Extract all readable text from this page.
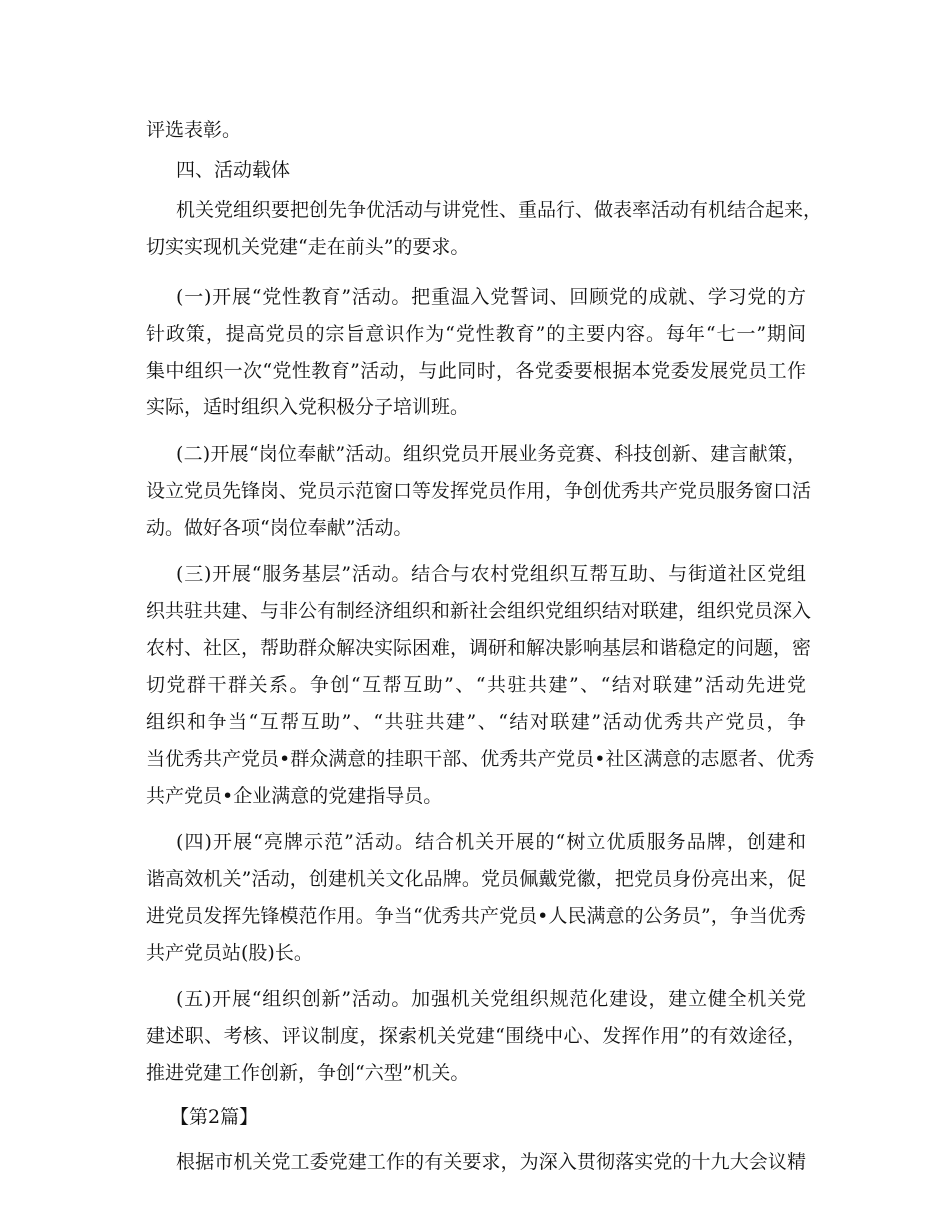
评选表彰。
四、活动载体
机关党组织要把创先争优活动与讲党性、重品行、做表率活动有机结合起来，
切实实现机关党建“走在前头”的要求。
(一)开展“党性教育”活动。把重温入党誓词、回顾党的成就、学习党的方
针政策，提高党员的宗旨意识作为“党性教育”的主要内容。每年“七一”期间
集中组织一次“党性教育”活动，与此同时，各党委要根据本党委发展党员工作
实际，适时组织入党积极分子培训班。
(二)开展“岗位奉献”活动。组织党员开展业务竞赛、科技创新、建言献策，
设立党员先锋岗、党员示范窗口等发挥党员作用，争创优秀共产党员服务窗口活
动。做好各项“岗位奉献”活动。
(三)开展“服务基层”活动。结合与农村党组织互帮互助、与街道社区党组
织共驻共建、与非公有制经济组织和新社会组织党组织结对联建，组织党员深入
农村、社区，帮助群众解决实际困难，调研和解决影响基层和谐稳定的问题，密
切党群干群关系。争创“互帮互助”、“共驻共建”、“结对联建”活动先进党
组织和争当“互帮互助”、“共驻共建”、“结对联建”活动优秀共产党员，争
当优秀共产党员•群众满意的挂职干部、优秀共产党员•社区满意的志愿者、优秀
共产党员•企业满意的党建指导员。
(四)开展“亮牌示范”活动。结合机关开展的“树立优质服务品牌，创建和
谐高效机关”活动，创建机关文化品牌。党员佩戴党徽，把党员身份亮出来，促
进党员发挥先锋模范作用。争当“优秀共产党员•人民满意的公务员”，争当优秀
共产党员站(股)长。
(五)开展“组织创新”活动。加强机关党组织规范化建设，建立健全机关党
建述职、考核、评议制度，探索机关党建“围绕中心、发挥作用”的有效途径，
推进党建工作创新，争创“六型”机关。
【第2篇】
根据市机关党工委党建工作的有关要求，为深入贯彻落实党的十九大会议精
